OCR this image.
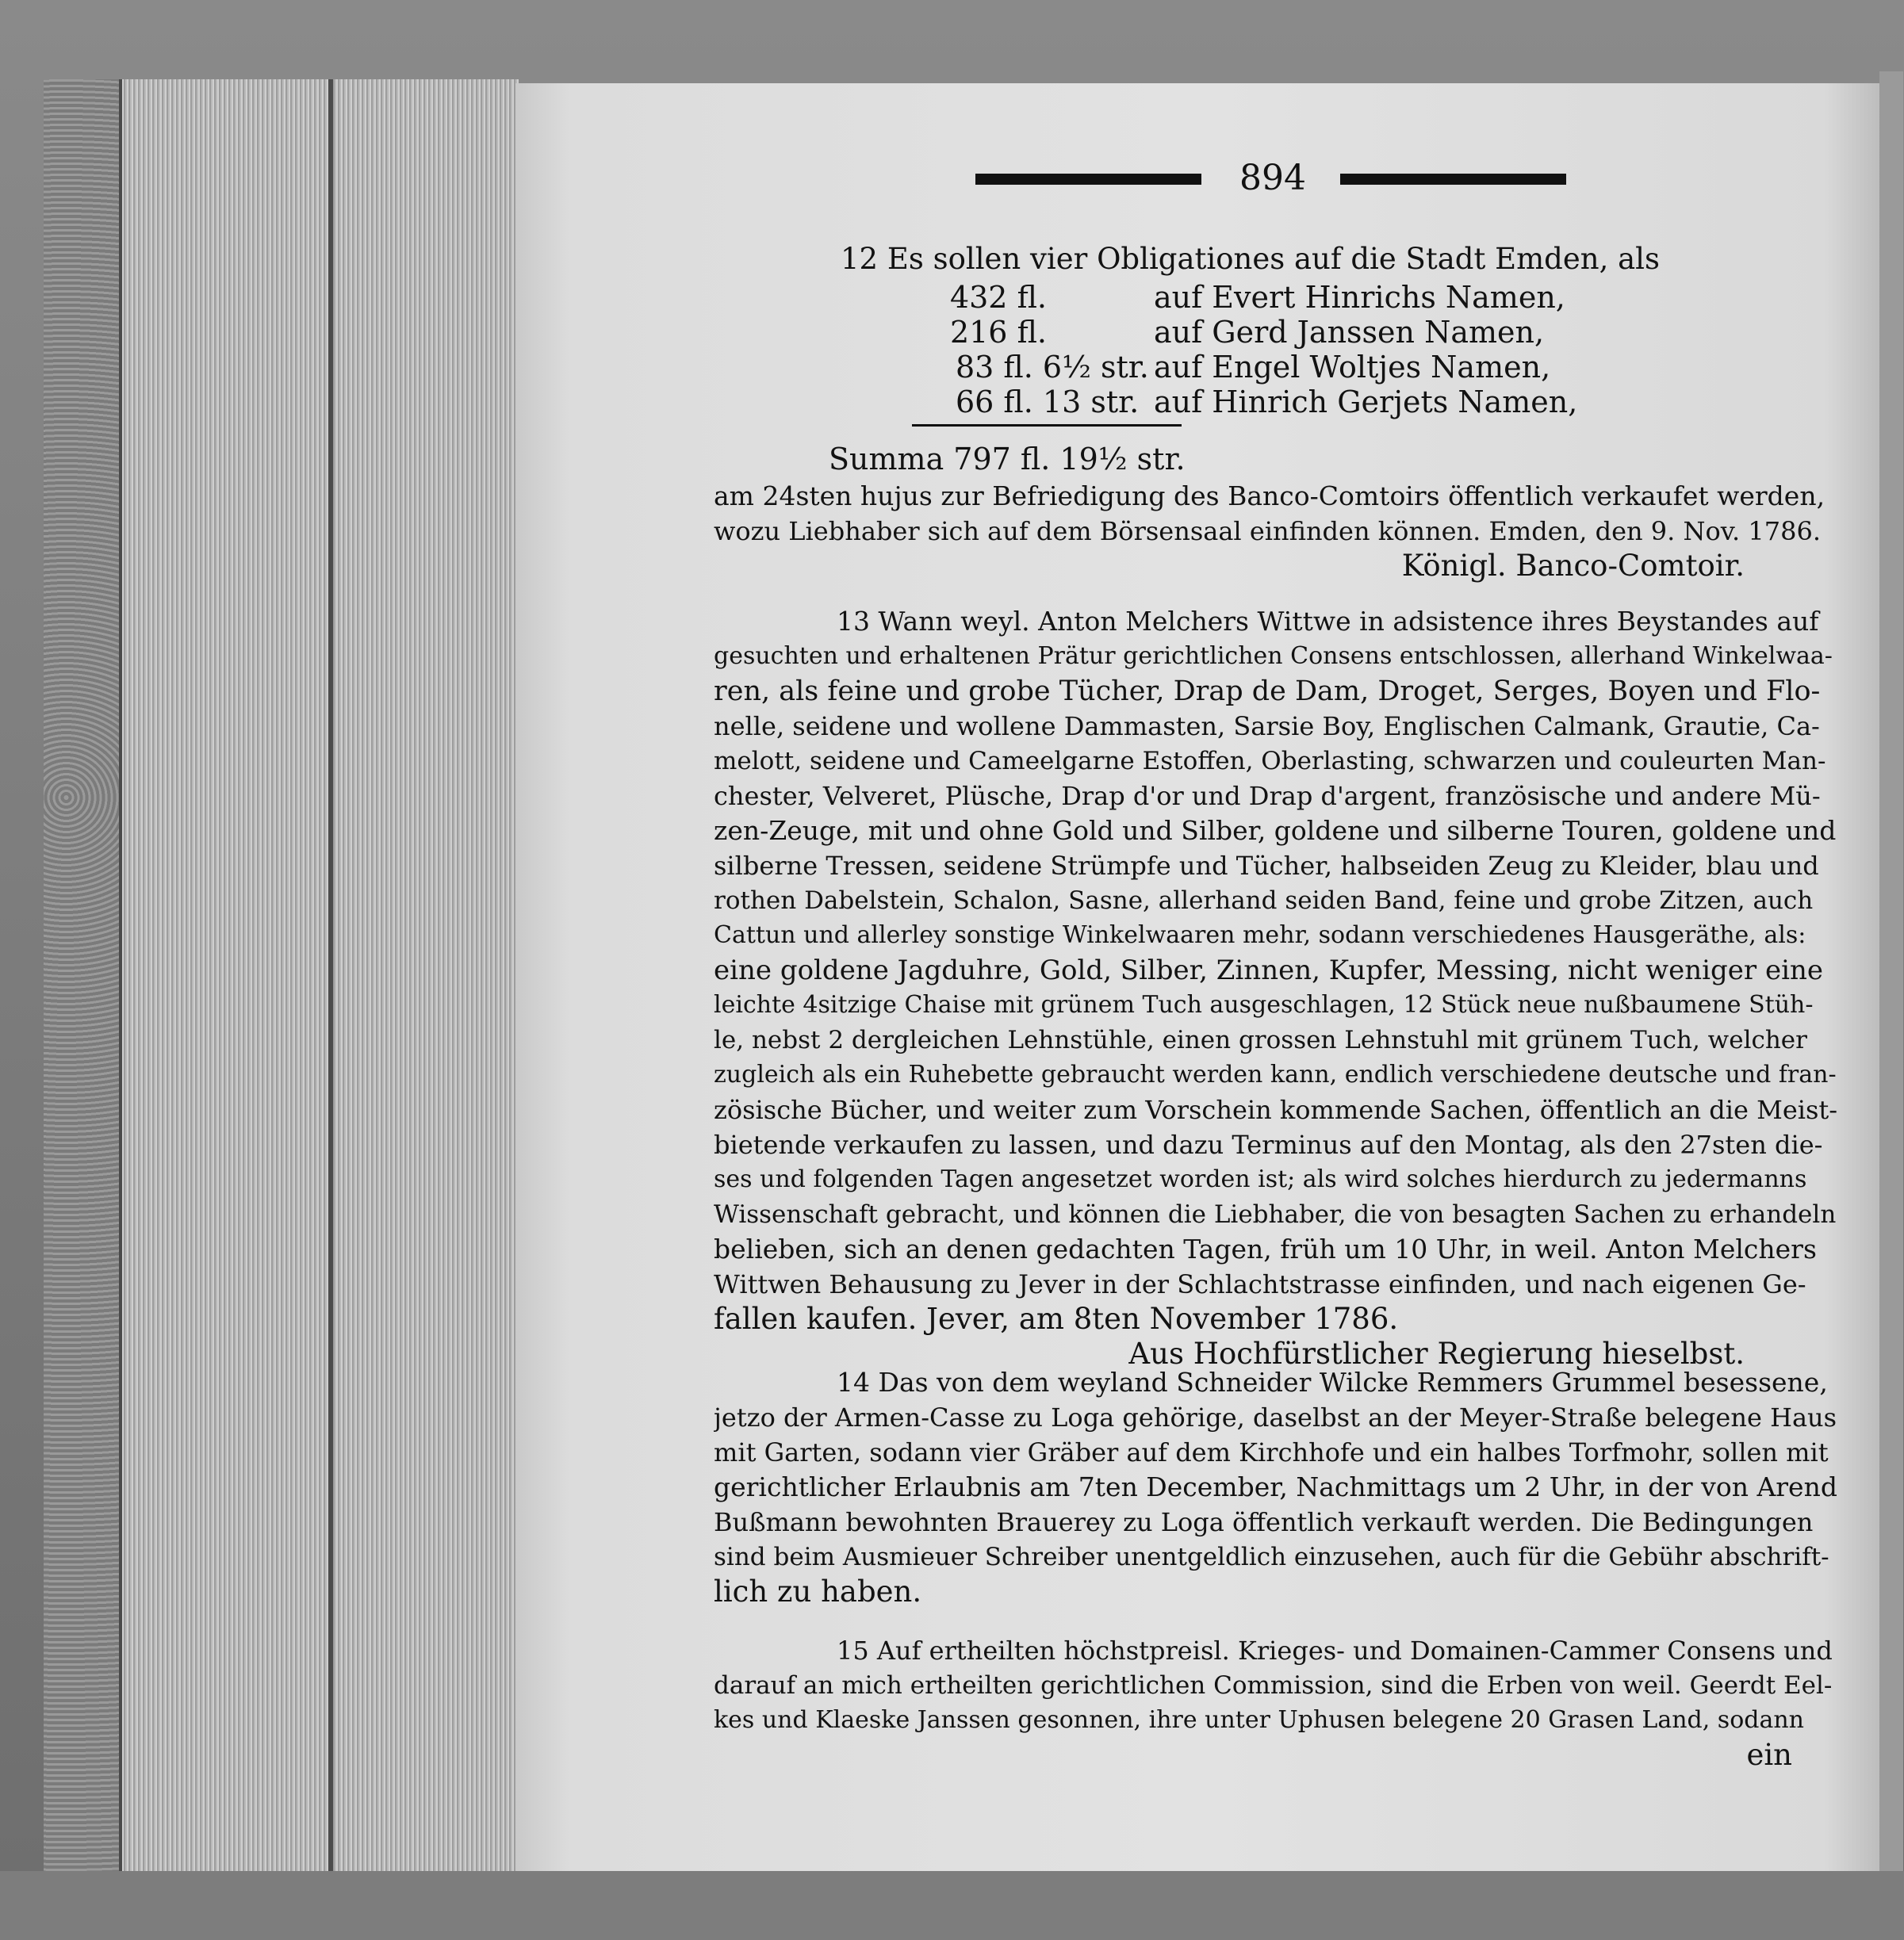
894
12 Es sollen vier Obligationes auf die Stadt Emden, als
432 fl.	auf Evert Hinrichs Namen,
216 fl.	auf Gerd Janssen Namen,
83 fl. 6½ str. auf Engel Woltjes Namen,
66 fl. 13 str. auf Hinrich Gerjets Namen,
Summa 797 fl. 19½ str.
am 24sten hujus zur Befriedigung des Banco-Comtoirs öffentlich verkaufet werden,
wozu Liebhaber sich auf dem Börsensaal einfinden können. Emden, den 9. Nov. 1786.
Königl. Banco-Comtoir.
13 Wann weyl. Anton Melchers Wittwe in adsistence ihres Beystandes auf
gesuchten und erhaltenen Prätur gerichtlichen Consens entschlossen, allerhand Winkelwaa-
ren, als feine und grobe Tücher, Drap de Dam, Droget, Serges, Boyen und Flo-
nelle, seidene und wollene Dammasten, Sarsie Boy, Englischen Calmank, Grautie, Ca-
melott, seidene und Cameelgarne Estoffen, Oberlasting, schwarzen und couleurten Man-
chester, Velveret, Plüsche, Drap d'or und Drap d'argent, französische und andere Mü-
zen-Zeuge, mit und ohne Gold und Silber, goldene und silberne Touren, goldene und
silberne Tressen, seidene Strümpfe und Tücher, halbseiden Zeug zu Kleider, blau und
rothen Dabelstein, Schalon, Sasne, allerhand seiden Band, feine und grobe Zitzen, auch
Cattun und allerley sonstige Winkelwaaren mehr, sodann verschiedenes Hausgeräthe, als:
eine goldene Jagduhre, Gold, Silber, Zinnen, Kupfer, Messing, nicht weniger eine
leichte 4sitzige Chaise mit grünem Tuch ausgeschlagen, 12 Stück neue nußbaumene Stüh-
le, nebst 2 dergleichen Lehnstühle, einen grossen Lehnstuhl mit grünem Tuch, welcher
zugleich als ein Ruhebette gebraucht werden kann, endlich verschiedene deutsche und fran-
zösische Bücher, und weiter zum Vorschein kommende Sachen, öffentlich an die Meist-
bietende verkaufen zu lassen, und dazu Terminus auf den Montag, als den 27sten die-
ses und folgenden Tagen angesetzet worden ist; als wird solches hierdurch zu jedermanns
Wissenschaft gebracht, und können die Liebhaber, die von besagten Sachen zu erhandeln
belieben, sich an denen gedachten Tagen, früh um 10 Uhr, in weil. Anton Melchers
Wittwen Behausung zu Jever in der Schlachtstrasse einfinden, und nach eigenen Ge-
fallen kaufen. Jever, am 8ten November 1786.
Aus Hochfürstlicher Regierung hieselbst.
14 Das von dem weyland Schneider Wilcke Remmers Grummel besessene,
jetzo der Armen-Casse zu Loga gehörige, daselbst an der Meyer-Straße belegene Haus
mit Garten, sodann vier Gräber auf dem Kirchhofe und ein halbes Torfmohr, sollen mit
gerichtlicher Erlaubnis am 7ten December, Nachmittags um 2 Uhr, in der von Arend
Bußmann bewohnten Brauerey zu Loga öffentlich verkauft werden. Die Bedingungen
sind beim Ausmieuer Schreiber unentgeldlich einzusehen, auch für die Gebühr abschrift-
lich zu haben.
15 Auf ertheilten höchstpreisl. Krieges- und Domainen-Cammer Consens und
darauf an mich ertheilten gerichtlichen Commission, sind die Erben von weil. Geerdt Eel-
kes und Klaeske Janssen gesonnen, ihre unter Uphusen belegene 20 Grasen Land, sodann
ein
